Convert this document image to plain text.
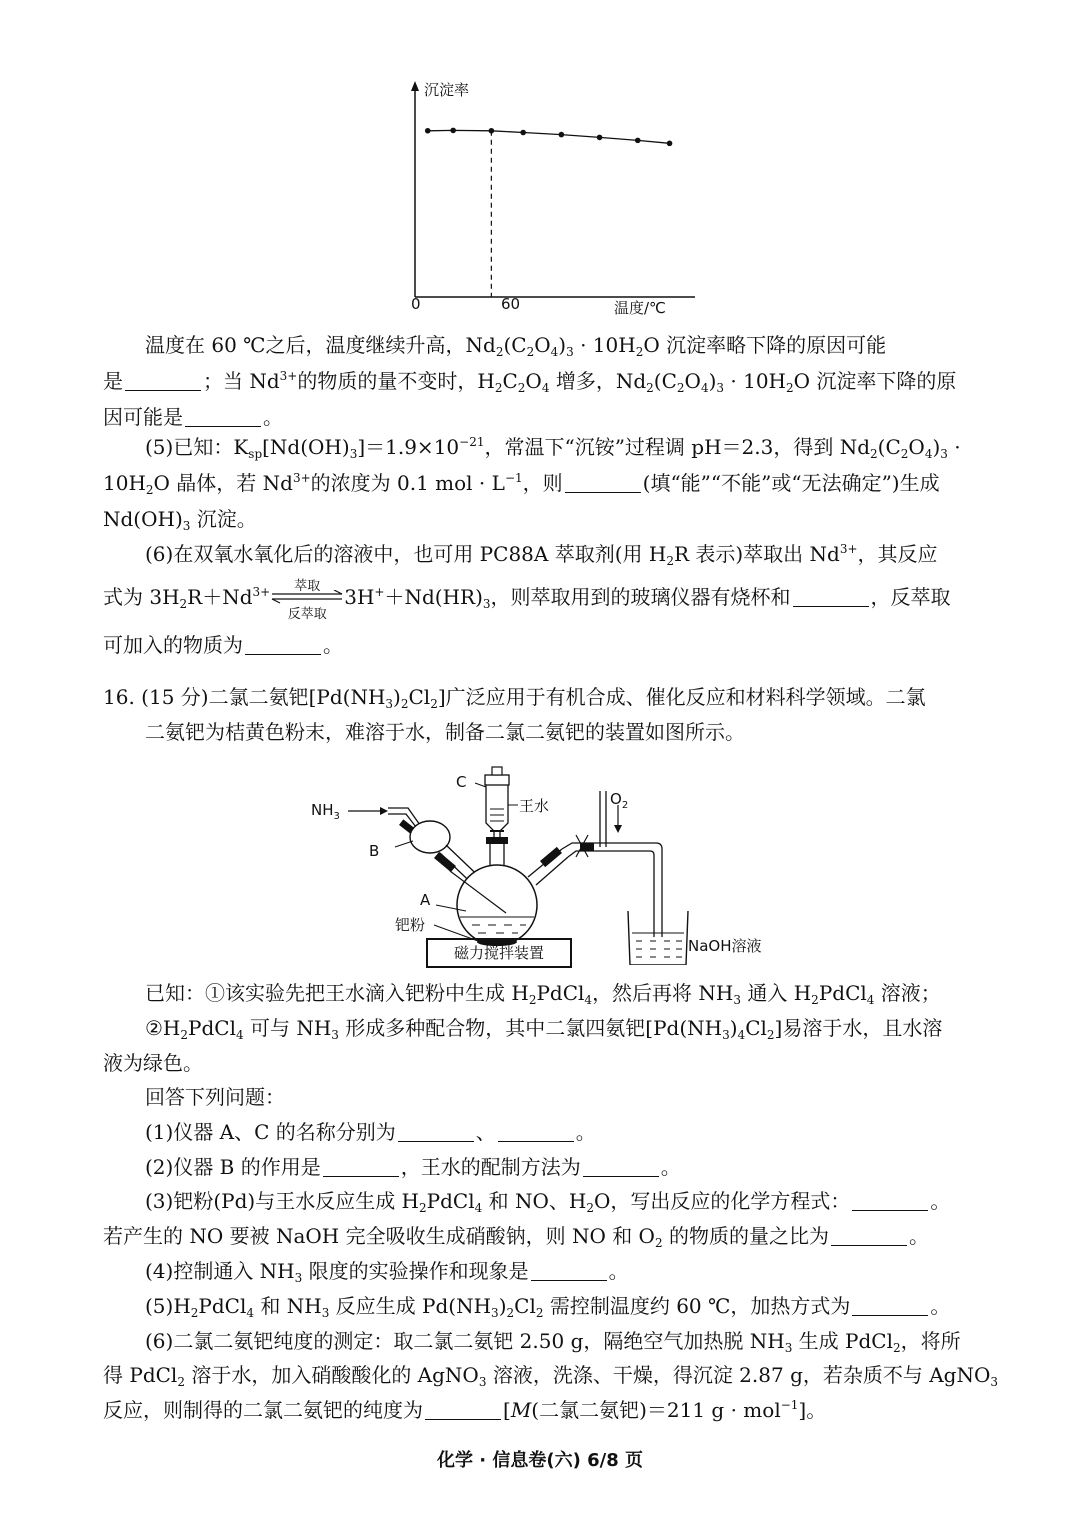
沉淀率
0	60	温度/℃
温度在 60 ℃之后，温度继续升高，$Nd_2(C_2O_4)_3 \cdot 10H_2O$ 沉淀率略下降的原因可能
是	；当 $Nd^{3+}$的物质的量不变时，$H_2C_2O_4$ 增多，$Nd_2(C_2O_4)_3 \cdot 10H_2O$ 沉淀率下降的原
因可能是	。
(5)已知：$K_{sp}[Nd(OH)_3]=1.9\times 10^{-21}$，常温下“沉铵”过程调 pH＝2.3，得到 $Nd_2(C_2O_4)_3$ ·
$10H_2O$ 晶体，若 $Nd^{3+}$的浓度为 0.1 mol · $L^{-1}$，则	(填“能”“不能”或“无法确定”)生成
$Nd(OH)_3$ 沉淀。
(6)在双氧水氧化后的溶液中，也可用 PC88A 萃取剂(用 $H_2R$ 表示)萃取出 $Nd^{3+}$，其反应
式为 $3H_2R+Nd^{3+}$	萃取
反萃取
$3H^++Nd(HR)_3$，则萃取用到的玻璃仪器有烧杯和	，反萃取
可加入的物质为	。
16. (15 分)二氯二氨钯$[Pd(NH_3)_2Cl_2]$广泛应用于有机合成、催化反应和材料科学领域。二氯
二氨钯为桔黄色粉末，难溶于水，制备二氯二氨钯的装置如图所示。
磁力搅拌装置
$NH_3$
B
C
王水	$O_2$
A
钯粉
NaOH溶液
已知：①该实验先把王水滴入钯粉中生成 $H_2PdCl_4$，然后再将 $NH_3$ 通入 $H_2PdCl_4$ 溶液；
$②H_2PdCl_4$ 可与 $NH_3$ 形成多种配合物，其中二氯四氨钯$[Pd(NH_3)_4Cl_2]$易溶于水，且水溶
液为绿色。
回答下列问题：
(1)仪器 A、C 的名称分别为	、	。
(2)仪器 B 的作用是	，王水的配制方法为	。
(3)钯粉(Pd)与王水反应生成 $H_2PdCl_4$ 和 NO、$H_2O$，写出反应的化学方程式：	。
若产生的 NO 要被 NaOH 完全吸收生成硝酸钠，则 NO 和 $O_2$ 的物质的量之比为	。
(4)控制通入 $NH_3$ 限度的实验操作和现象是	。
$(5)H_2PdCl_4$ 和 $NH_3$ 反应生成 $Pd(NH_3)_2Cl_2$ 需控制温度约 60 ℃，加热方式为	。
(6)二氯二氨钯纯度的测定：取二氯二氨钯 2.50 g，隔绝空气加热脱 $NH_3$ 生成 PdCl$_2$，将所
得 PdCl$_2$ 溶于水，加入硝酸酸化的 AgNO$_3$ 溶液，洗涤、干燥，得沉淀 2.87 g，若杂质不与 AgNO$_3$
反应，则制得的二氯二氨钯的纯度为	[M(二氯二氨钯)＝211 g · mol$^{-1}$]。
化学 · 信息卷(六) 6/8 页
